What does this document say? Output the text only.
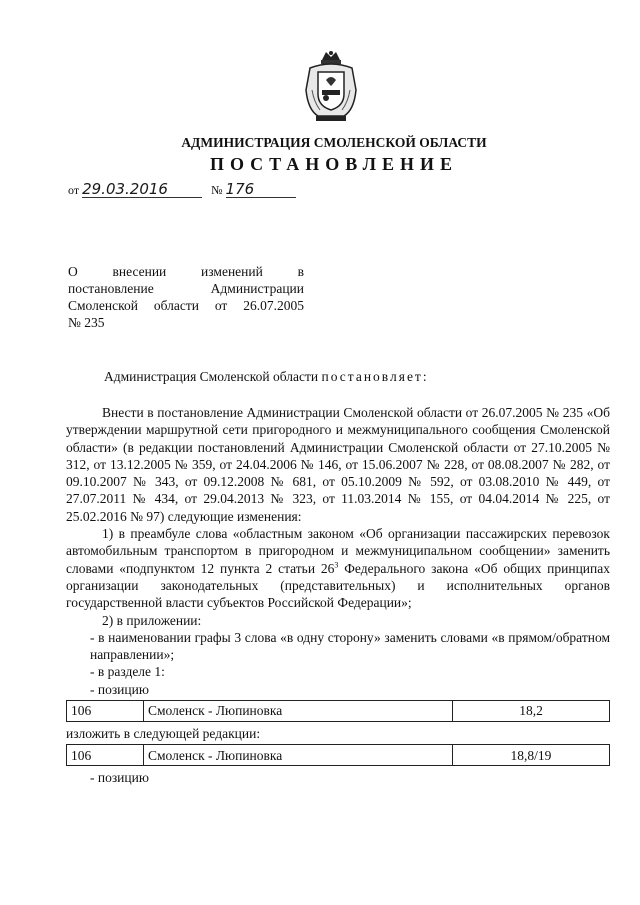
АДМИНИСТРАЦИЯ СМОЛЕНСКОЙ ОБЛАСТИ
ПОСТАНОВЛЕНИЕ
от 29.03.2016	№ 176
О внесении изменений в
постановление Администрации
Смоленской области от 26.07.2005
№ 235
Администрация Смоленской области постановляет:

Внести в постановление Администрации Смоленской области от 26.07.2005 № 235 «Об утверждении маршрутной сети пригородного и межмуниципального сообщения Смоленской области» (в редакции постановлений Администрации Смоленской области от 27.10.2005 № 312, от 13.12.2005 № 359, от 24.04.2006 № 146, от 15.06.2007 № 228, от 08.08.2007 № 282, от 09.10.2007 № 343, от 09.12.2008 № 681, от 05.10.2009 № 592, от 03.08.2010 № 449, от 27.07.2011 № 434, от 29.04.2013 № 323, от 11.03.2014 № 155, от 04.04.2014 № 225, от 25.02.2016 № 97) следующие изменения:

1) в преамбуле слова «областным законом «Об организации пассажирских перевозок автомобильным транспортом в пригородном и межмуниципальном сообщении» заменить словами «подпунктом 12 пункта 2 статьи $26^3$ Федерального закона «Об общих принципах организации законодательных (представительных) и исполнительных органов государственной власти субъектов Российской Федерации»;

2) в приложении:

- в наименовании графы 3 слова «в одну сторону» заменить словами «в прямом/обратном направлении»;

- в разделе 1:

- позицию

106	Смоленск - Люпиновка	18,2

изложить в следующей редакции:

106	Смоленск - Люпиновка	18,8/19

- позицию
